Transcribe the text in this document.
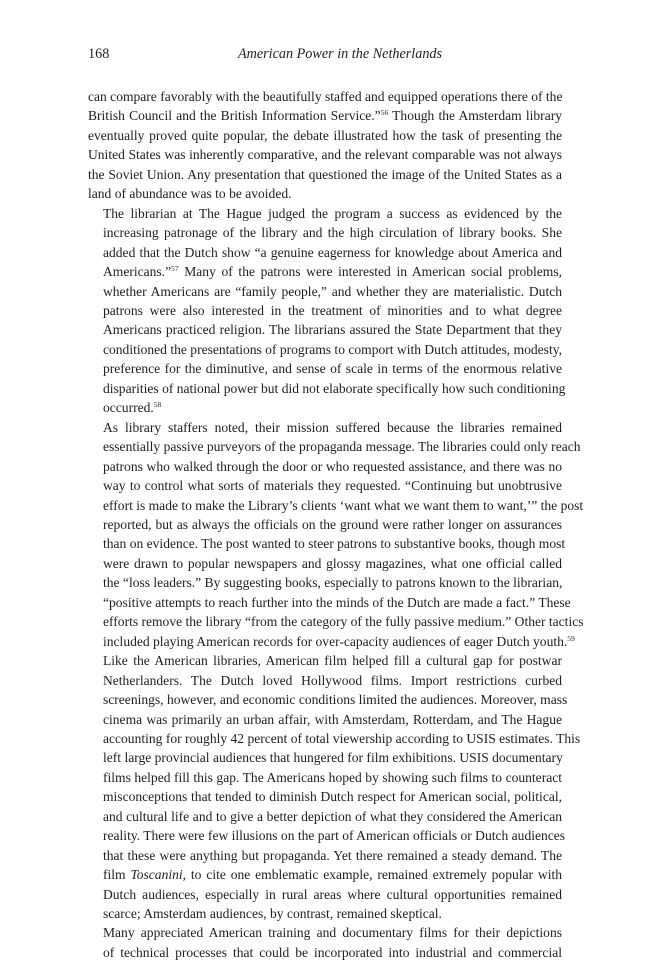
168	American Power in the Netherlands
can compare favorably with the beautifully staffed and equipped operations there of the
British Council and the British Information Service.”$^{56}$ Though the Amsterdam library
eventually proved quite popular, the debate illustrated how the task of presenting the
United States was inherently comparative, and the relevant comparable was not always
the Soviet Union. Any presentation that questioned the image of the United States as a
land of abundance was to be avoided.
The librarian at The Hague judged the program a success as evidenced by the
increasing patronage of the library and the high circulation of library books. She
added that the Dutch show “a genuine eagerness for knowledge about America and
Americans.”$^{57}$ Many of the patrons were interested in American social problems,
whether Americans are “family people,” and whether they are materialistic. Dutch
patrons were also interested in the treatment of minorities and to what degree
Americans practiced religion. The librarians assured the State Department that they
conditioned the presentations of programs to comport with Dutch attitudes, modesty,
preference for the diminutive, and sense of scale in terms of the enormous relative
disparities of national power but did not elaborate specifically how such conditioning
occurred.$^{58}$
As library staffers noted, their mission suffered because the libraries remained
essentially passive purveyors of the propaganda message. The libraries could only reach
patrons who walked through the door or who requested assistance, and there was no
way to control what sorts of materials they requested. “Continuing but unobtrusive
effort is made to make the Library’s clients ‘want what we want them to want,’” the post
reported, but as always the officials on the ground were rather longer on assurances
than on evidence. The post wanted to steer patrons to substantive books, though most
were drawn to popular newspapers and glossy magazines, what one official called
the “loss leaders.” By suggesting books, especially to patrons known to the librarian,
“positive attempts to reach further into the minds of the Dutch are made a fact.” These
efforts remove the library “from the category of the fully passive medium.” Other tactics
included playing American records for over-capacity audiences of eager Dutch youth.$^{59}$
Like the American libraries, American film helped fill a cultural gap for postwar
Netherlanders. The Dutch loved Hollywood films. Import restrictions curbed
screenings, however, and economic conditions limited the audiences. Moreover, mass
cinema was primarily an urban affair, with Amsterdam, Rotterdam, and The Hague
accounting for roughly 42 percent of total viewership according to USIS estimates. This
left large provincial audiences that hungered for film exhibitions. USIS documentary
films helped fill this gap. The Americans hoped by showing such films to counteract
misconceptions that tended to diminish Dutch respect for American social, political,
and cultural life and to give a better depiction of what they considered the American
reality. There were few illusions on the part of American officials or Dutch audiences
that these were anything but propaganda. Yet there remained a steady demand. The
film Toscanini, to cite one emblematic example, remained extremely popular with
Dutch audiences, especially in rural areas where cultural opportunities remained
scarce; Amsterdam audiences, by contrast, remained skeptical.
Many appreciated American training and documentary films for their depictions
of technical processes that could be incorporated into industrial and commercial
